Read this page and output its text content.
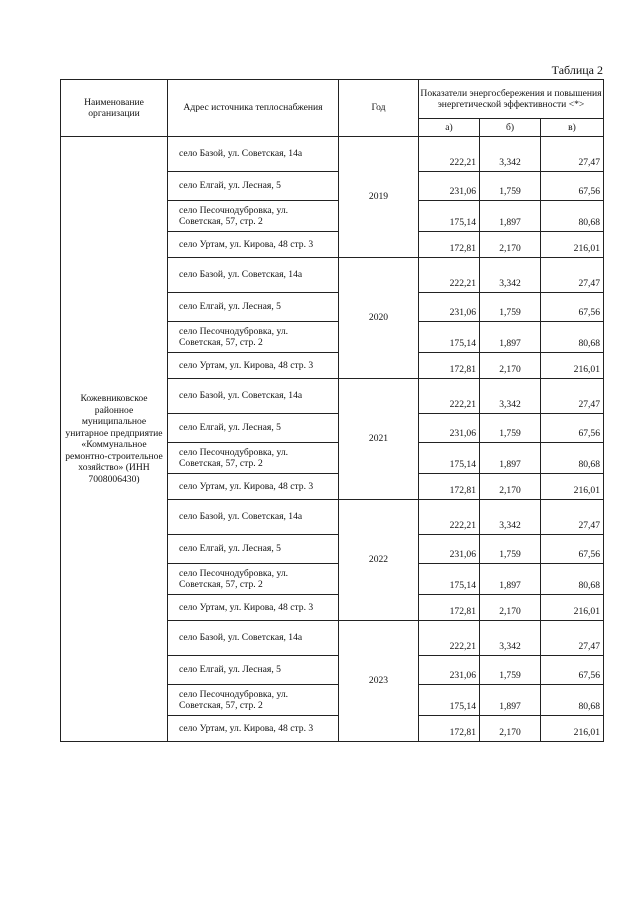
Таблица 2
Наименование организации	Адрес источника теплоснабжения	Год	Показатели энергосбережения и повышения энергетической эффективности <*>		
			а)	б)	в)
Кожевниковское районное муниципальное унитарное предприятие «Коммунальное ремонтно-строительное хозяйство» (ИНН 7008006430)	село Базой, ул. Советская, 14а	2019	222,21	3,342	27,47
	село Елгай, ул. Лесная, 5		231,06	1,759	67,56
	село Песочнодубровка, ул. Советская, 57, стр. 2		175,14	1,897	80,68
	село Уртам, ул. Кирова, 48 стр. 3		172,81	2,170	216,01
	село Базой, ул. Советская, 14а	2020	222,21	3,342	27,47
	село Елгай, ул. Лесная, 5		231,06	1,759	67,56
	село Песочнодубровка, ул. Советская, 57, стр. 2		175,14	1,897	80,68
	село Уртам, ул. Кирова, 48 стр. 3		172,81	2,170	216,01
	село Базой, ул. Советская, 14а	2021	222,21	3,342	27,47
	село Елгай, ул. Лесная, 5		231,06	1,759	67,56
	село Песочнодубровка, ул. Советская, 57, стр. 2		175,14	1,897	80,68
	село Уртам, ул. Кирова, 48 стр. 3		172,81	2,170	216,01
	село Базой, ул. Советская, 14а	2022	222,21	3,342	27,47
	село Елгай, ул. Лесная, 5		231,06	1,759	67,56
	село Песочнодубровка, ул. Советская, 57, стр. 2		175,14	1,897	80,68
	село Уртам, ул. Кирова, 48 стр. 3		172,81	2,170	216,01
	село Базой, ул. Советская, 14а	2023	222,21	3,342	27,47
	село Елгай, ул. Лесная, 5		231,06	1,759	67,56
	село Песочнодубровка, ул. Советская, 57, стр. 2		175,14	1,897	80,68
	село Уртам, ул. Кирова, 48 стр. 3		172,81	2,170	216,01
